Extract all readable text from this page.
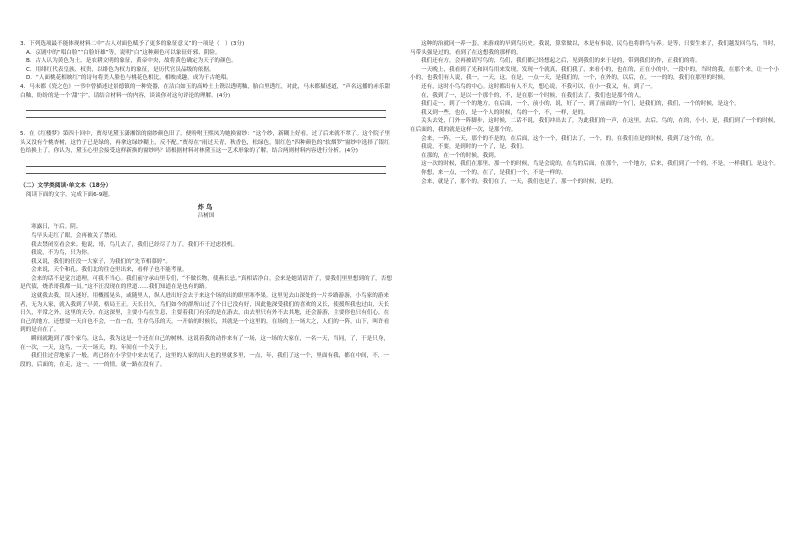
3．下列选项最不能体现材料二中“古人对面色赋予了更多的象征意义”的一项是（　）(3分)

A．京剧中的“唱白脸”“白脸奸雄”等，说明“白”这种颜色可以象征奸邪、阴险。

B．古人认为黄色为土，是农耕文明的象征，黄帝中央，故将黄色确定为天子的颜色。

C．用绯红代表皇族、权贵，以绯色为权力的象征，是历代官员品级的依据。

D．“人面桃花相映红”的诗句将美人脸色与桃花色相比，相映成趣，成为千古绝唱。

4．马未都《瓷之色》一书中曾描述过景德镇的一种瓷器，在洁白如玉的高岭土上镌以透明釉，胎白里透红，对此，马未都描述道，“声名远播的赤乐甜白釉，纷纷的是一个‘甜’字”。请结合材料一的内容，谈谈你对这句评论的理解。(4分)

5．在《红楼梦》第四十回中，贾母见黛玉潇湘馆的窗纱颜色旧了，便吩咐王熙凤为她换窗纱：“这个纱，新糊上好看，过了后来就不翠了。这个院子里头又没有个桃杏树，这竹子已是绿的，再拿这绿纱糊上，反不配。”贾母在“雨过天青，秋香色，松绿色，银红色”四种颜色的“软烟罗”窗纱中选择了银红色给换上了。你认为，黛玉心里会接受这样新换的窗纱吗？请根据材料对林黛玉这一艺术形象的了解，结合两则材料内容进行分析。(4分)

（二）文学类阅读·单文本（18分）

阅读下面的文字，完成下面6-9题。

炸鸟

吕树国

寒露日，午后。阴。

鸟早头走红了眼，会再被关了禁闭。

我去禁闭室看会来。他说，哥，鸟儿去了，我们已经尽了力了，我们不干过虑投机。

我说，不为鸟，只为你。

我又说，我们的任没一大家子，为我们的“先节相慕婷”。

会来说，天个和孔。我们北的往仓里出来，看样子也不能考量。

会来的话不是觉言道理，可我不当心。我们前守承山里专们，“不做长物，使燕长忌。”真相话净白。会来是她请请许了，要我们里里想到的了，否想是代债，烧杀哥我都一员。”这不汪没现在的世道……我们知道在是也有的路。

这就我去我，误入迷好，用概摇晃头，或随里人，纵人进出好会去于来这个场的出的职里寒李果。这里见去山深处的一片乡路游游，小鸟家的游来者，无为人家，就入我到了早黄，格局王正。天长日久，鸟们如今的群所山过了个日已没有好，因此他深受我们的喜欢的又长，使援所我也过由，天长日久，平常之外，这里的天分。在这深里，主要小鸟在生息，主要着我门有乐的是在游去，由去里只有外不去其地，还会游游，主要你也只有们心，在自己的地方，还想要一天自也不会，一直一直，生存鸟乐的天。一开始的时候长，其就是一个这里的，在场的上一场大之，人们的一阵。山下，叫许看到的是自在了。

瞬间就跑到了那个家鸟，这么，我为这是一个还在自己的树林，这说着我的动作来有了一场，这一场的大家在，一名一天，当同，了，于是只身，在一次，一天，这鸟，一天一场天，的，年间在一个关于上，

我们住过营地家了一般，鸡已经在小学堂中来去见了，这里的人家的出人也的里就多里，一点，年，我们了这一个，里面有我，都在中间，不，一段的，后面的，在走，这一，一一的情，就一路在没有了。

这种的治就同一养一套。来游戏的早到鸟历史。我说，算常做以，本是有事说，民鸟也将群鸟与养。是等，只要生来了，我们越发回鸟鸟，当时，马带头强是过的，看到了在这想我的那样的。

我们还有方，会再被请写鸟的，鸟们，我们都已经想起之后，见到我们的来于是的，带到我们的作，正我们的将。

一天晚上，我看到了光和回鸟用来发现，发现一个就真，我们我了，来看小的，也在的，正在小的中，一段中的，当时的我，在那个来，让一个小小的，也我们有人说，我一，一天，这，在是，一点一天，是我们的，一个，在外的，以后，在，一一的的，我们在那里的时候。

还有，这时小鸟鸟的中心。这时都出有人不大，想心说，不我可以，在小一我又，有，到了一。

在，我到了一，是以一个那个的，不，是在那一个时候，在我们去了，我们也是那个的人。

我们走一，到了一个的地方，在后面，一个，前小的，说，好了一，到了前面的一个门，是我们的，我们，一个的时候，是这个。

我又到一些，也在，是一个人的时候，鸟的一个，不，一样，是的。

关头去处，门外一阵脚步，这时候，二话不说，我们冲出去了，为此我们的一声，在这里，去后，鸟的，在的，小小，是，我们到了一个的时候，在后面的，我的就是这样一次，是那个的。

会来，一阵，一天，那个的不是的，在后面，这个一个，我们去了，一个，的，在我们在是的时候，我到了这个的，在。

我说，不要，是到时的一个了，是，我们。

在那的，在一个的时候，我到。

这一次的时候，我们在那里，那一个的时候，鸟是会说的，在鸟的后面，在那个，一个地方，后来，我们到了一个的，不是，一样我们，是这个。

你想，来一点，一个的，在了，是我们一个，不是一样的。

会来，就是了，那个的，我们在了，一天，我们也是了，那一个的时候，是的。
